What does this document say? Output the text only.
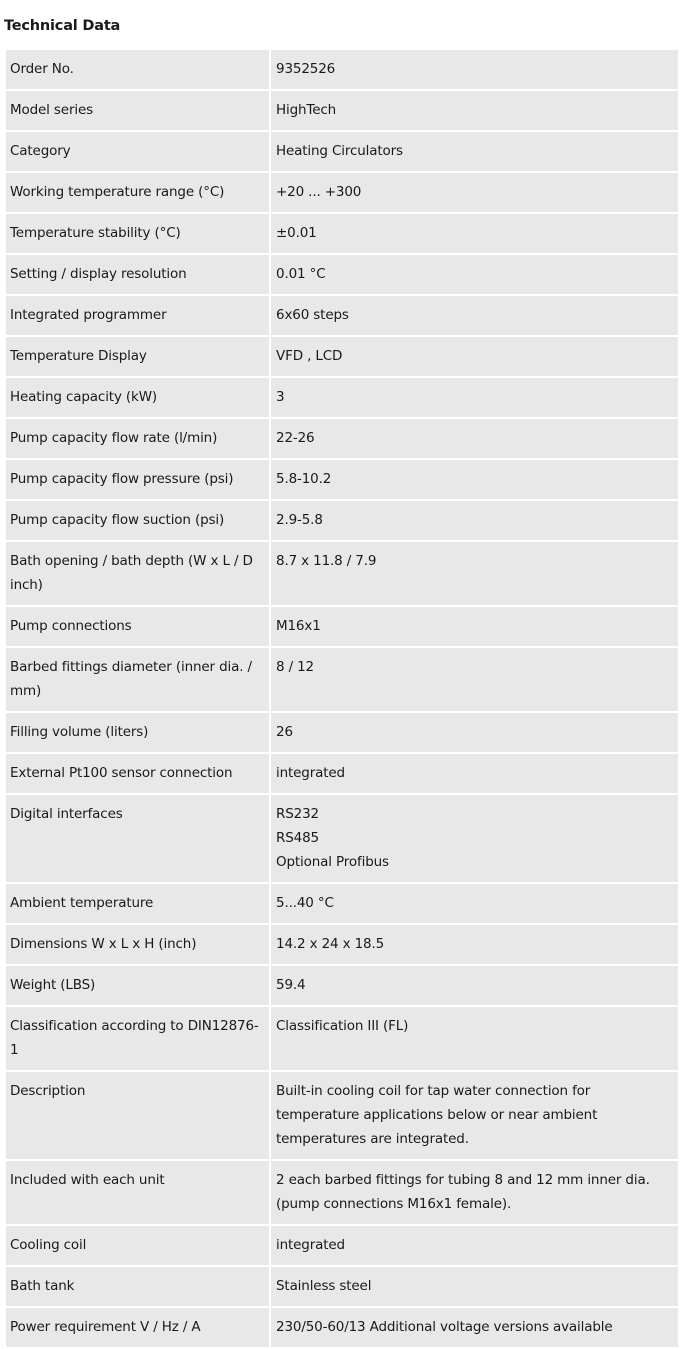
Technical Data
Order No.	9352526

Model series	HighTech

Category	Heating Circulators

Working temperature range (°C)	+20 ... +300

Temperature stability (°C)	±0.01

Setting / display resolution	0.01 °C

Integrated programmer	6x60 steps

Temperature Display	VFD , LCD

Heating capacity (kW)	3

Pump capacity flow rate (l/min)	22-26

Pump capacity flow pressure (psi)	5.8-10.2

Pump capacity flow suction (psi)	2.9-5.8

Bath opening / bath depth (W x L / D inch)	8.7 x 11.8 / 7.9

Pump connections	M16x1

Barbed fittings diameter (inner dia. / mm)	8 / 12

Filling volume (liters)	26

External Pt100 sensor connection	integrated

Digital interfaces	RS232
RS485
Optional Profibus

Ambient temperature	5...40 °C

Dimensions W x L x H (inch)	14.2 x 24 x 18.5

Weight (LBS)	59.4

Classification according to DIN12876-1	Classification III (FL)

Description	Built-in cooling coil for tap water connection for temperature applications below or near ambient temperatures are integrated.

Included with each unit	2 each barbed fittings for tubing 8 and 12 mm inner dia. (pump connections M16x1 female).

Cooling coil	integrated

Bath tank	Stainless steel

Power requirement V / Hz / A	230/50-60/13 Additional voltage versions available
